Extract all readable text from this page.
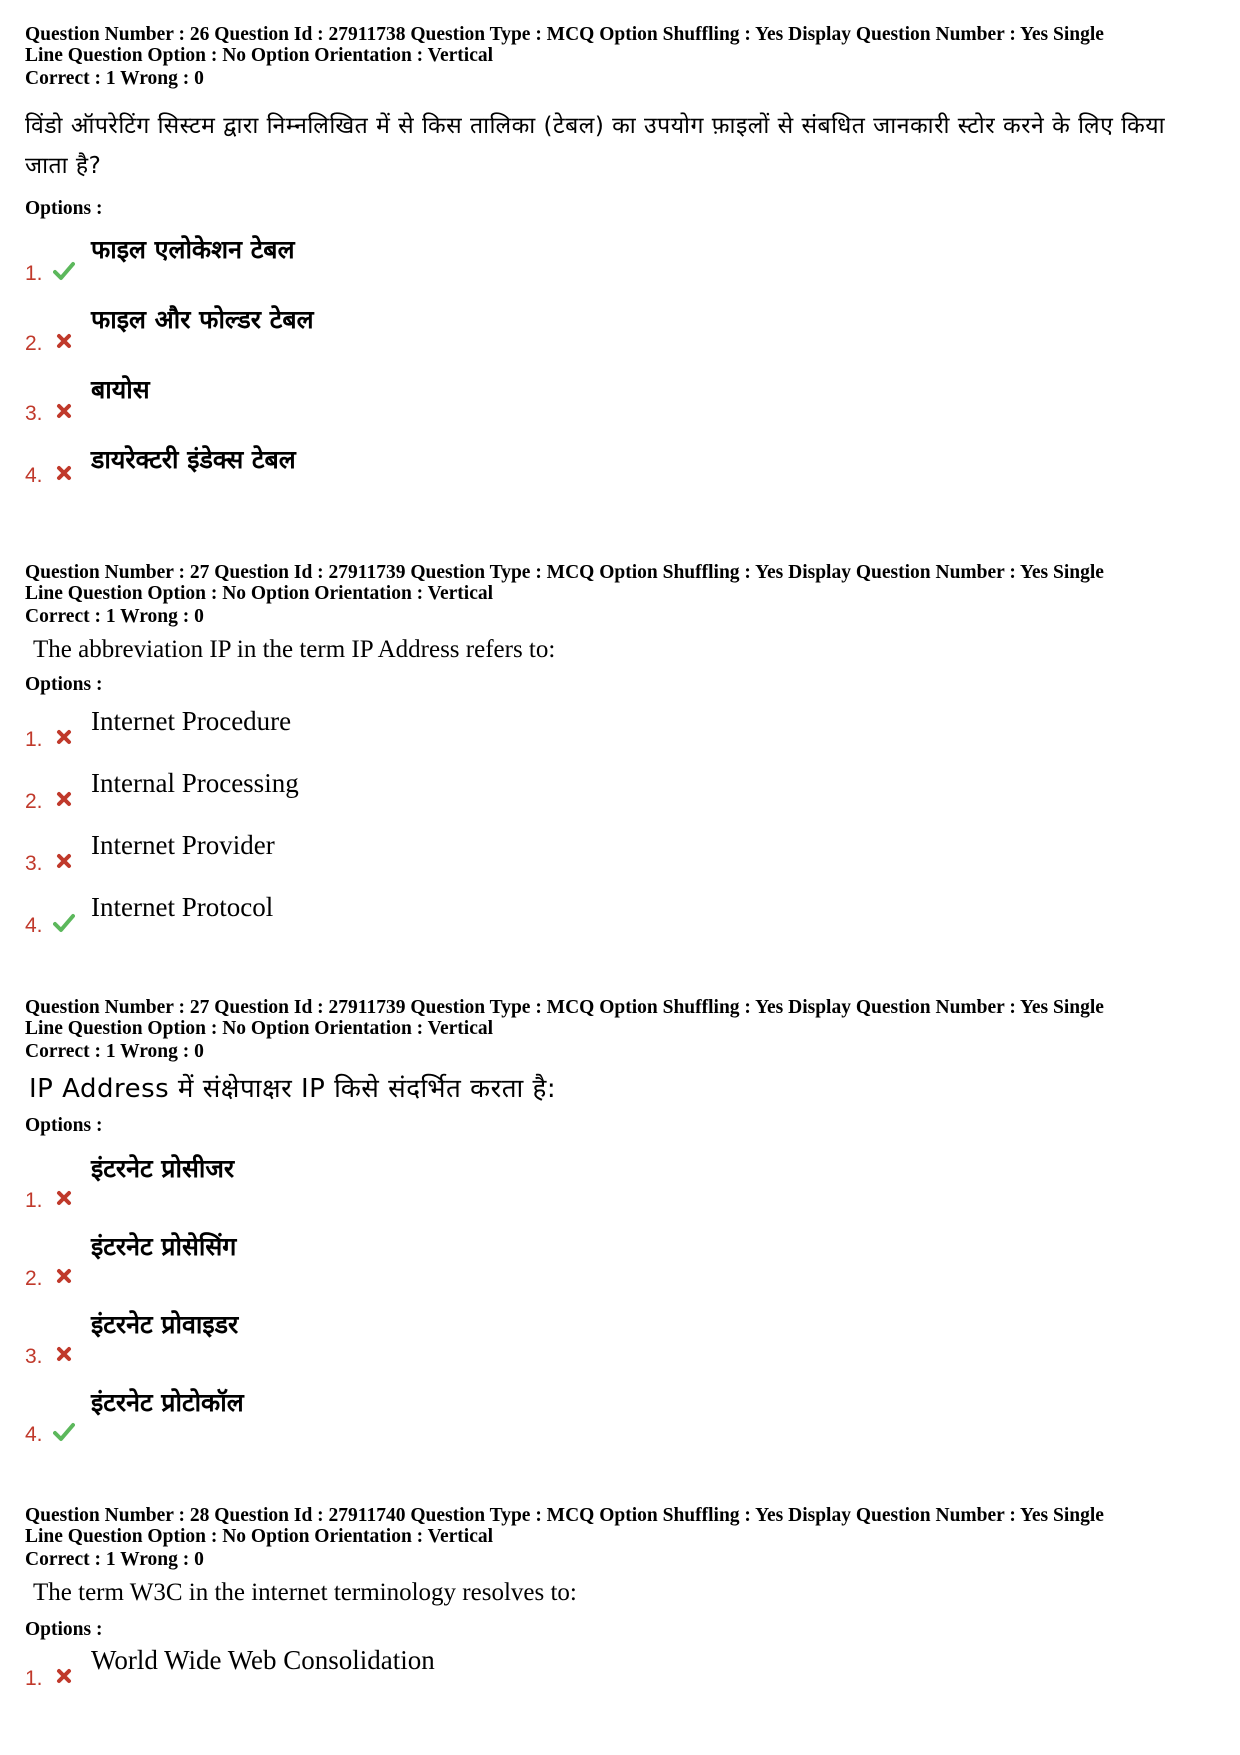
Question Number : 26 Question Id : 27911738 Question Type : MCQ Option Shuffling : Yes Display Question Number : Yes Single
Line Question Option : No Option Orientation : Vertical
Correct : 1 Wrong : 0
विंडो ऑपरेटिंग सिस्टम द्वारा निम्नलिखित में से किस तालिका (टेबल) का उपयोग फ़ाइलों से संबधित जानकारी स्टोर करने के लिए किया जाता है?
Options :
1.
फाइल एलोकेशन टेबल
2.
फाइल और फोल्डर टेबल
3.
बायोस
4.
डायरेक्टरी इंडेक्स टेबल
Question Number : 27 Question Id : 27911739 Question Type : MCQ Option Shuffling : Yes Display Question Number : Yes Single
Line Question Option : No Option Orientation : Vertical
Correct : 1 Wrong : 0
The abbreviation IP in the term IP Address refers to:
Options :
1.
Internet Procedure
2.
Internal Processing
3.
Internet Provider
4.
Internet Protocol
Question Number : 27 Question Id : 27911739 Question Type : MCQ Option Shuffling : Yes Display Question Number : Yes Single
Line Question Option : No Option Orientation : Vertical
Correct : 1 Wrong : 0
IP Address में संक्षेपाक्षर IP किसे संदर्भित करता है:
Options :
1.
इंटरनेट प्रोसीजर
2.
इंटरनेट प्रोसेसिंग
3.
इंटरनेट प्रोवाइडर
4.
इंटरनेट प्रोटोकॉल
Question Number : 28 Question Id : 27911740 Question Type : MCQ Option Shuffling : Yes Display Question Number : Yes Single
Line Question Option : No Option Orientation : Vertical
Correct : 1 Wrong : 0
The term W3C in the internet terminology resolves to:
Options :
1.
World Wide Web Consolidation
